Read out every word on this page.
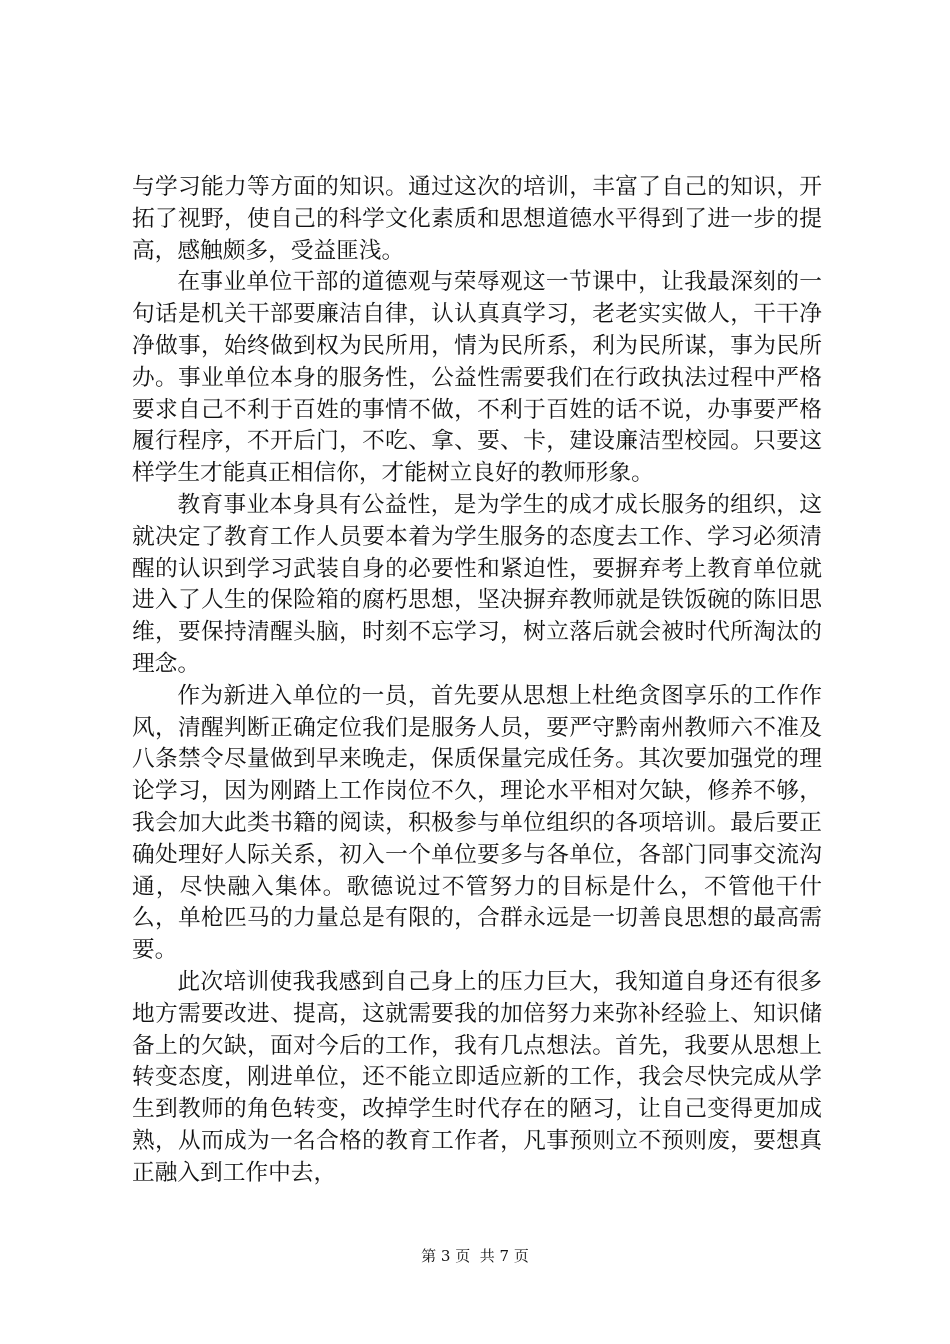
与学习能力等方面的知识。通过这次的培训，丰富了自己的知识，开拓了视野，使自己的科学文化素质和思想道德水平得到了进一步的提高，感触颇多，受益匪浅。

在事业单位干部的道德观与荣辱观这一节课中，让我最深刻的一句话是机关干部要廉洁自律，认认真真学习，老老实实做人，干干净净做事，始终做到权为民所用，情为民所系，利为民所谋，事为民所办。事业单位本身的服务性，公益性需要我们在行政执法过程中严格要求自己不利于百姓的事情不做，不利于百姓的话不说，办事要严格履行程序，不开后门，不吃、拿、要、卡，建设廉洁型校园。只要这样学生才能真正相信你，才能树立良好的教师形象。

教育事业本身具有公益性，是为学生的成才成长服务的组织，这就决定了教育工作人员要本着为学生服务的态度去工作、学习必须清醒的认识到学习武装自身的必要性和紧迫性，要摒弃考上教育单位就进入了人生的保险箱的腐朽思想，坚决摒弃教师就是铁饭碗的陈旧思维，要保持清醒头脑，时刻不忘学习，树立落后就会被时代所淘汰的理念。

作为新进入单位的一员，首先要从思想上杜绝贪图享乐的工作作风，清醒判断正确定位我们是服务人员，要严守黔南州教师六不准及八条禁令尽量做到早来晚走，保质保量完成任务。其次要加强党的理论学习，因为刚踏上工作岗位不久，理论水平相对欠缺，修养不够，我会加大此类书籍的阅读，积极参与单位组织的各项培训。最后要正确处理好人际关系，初入一个单位要多与各单位，各部门同事交流沟通，尽快融入集体。歌德说过不管努力的目标是什么，不管他干什么，单枪匹马的力量总是有限的，合群永远是一切善良思想的最高需要。

此次培训使我我感到自己身上的压力巨大，我知道自身还有很多地方需要改进、提高，这就需要我的加倍努力来弥补经验上、知识储备上的欠缺，面对今后的工作，我有几点想法。首先，我要从思想上转变态度，刚进单位，还不能立即适应新的工作，我会尽快完成从学生到教师的角色转变，改掉学生时代存在的陋习，让自己变得更加成熟，从而成为一名合格的教育工作者，凡事预则立不预则废，要想真正融入到工作中去，

第 3 页  共 7 页
